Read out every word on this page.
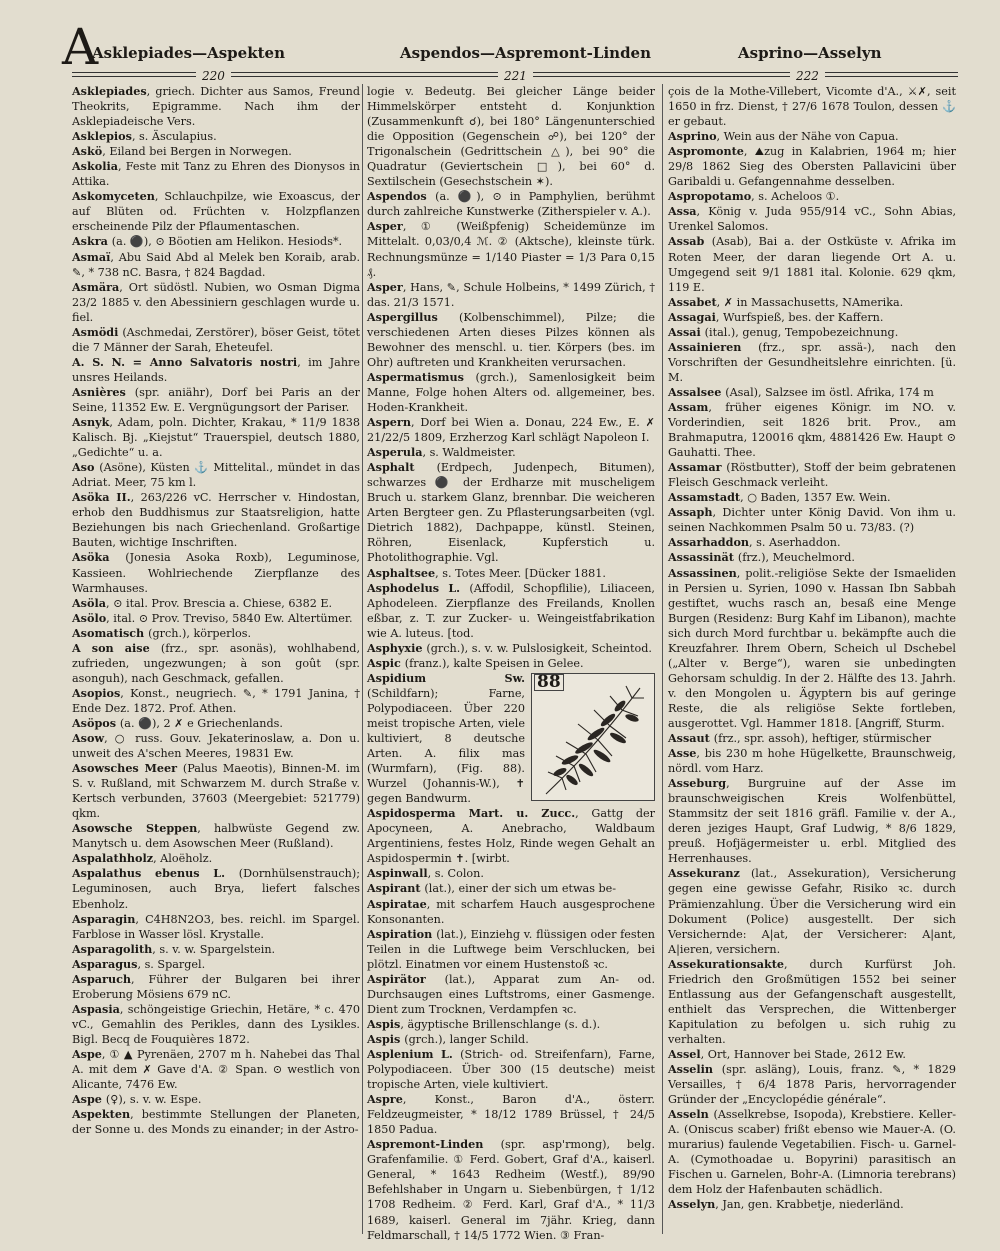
A
Asklepiades—Aspekten	Aspendos—Aspremont-Linden	Asprino—Asselyn
220	221	222

Asklepiades, griech. Dichter aus Samos, Freund Theokrits, Epigramme. Nach ihm der Asklepiadeische Vers.

Asklepios, s. Äsculapius.

Askö, Eiland bei Bergen in Norwegen.

Askolia, Feste mit Tanz zu Ehren des Dionysos in Attika.

Askomyceten, Schlauchpilze, wie Exoascus, der auf Blüten od. Früchten v. Holzpflanzen erscheinende Pilz der Pflaumentaschen.

Askra (a. ⚫), ⊙ Böotien am Helikon. Hesiods*.

Asmaï, Abu Said Abd al Melek ben Koraib, arab. ✎, * 738 nC. Basra, † 824 Bagdad.

Asmära, Ort südöstl. Nubien, wo Osman Digma 23/2 1885 v. den Abessiniern geschlagen wurde u. fiel.

Asmödi (Aschmedai, Zerstörer), böser Geist, tötet die 7 Männer der Sarah, Eheteufel.

A. S. N. = Anno Salvatoris nostri, im Jahre unsres Heilands.

Asnières (spr. aniähr), Dorf bei Paris an der Seine, 11352 Ew. E. Vergnügungsort der Pariser.

Asnyk, Adam, poln. Dichter, Krakau, * 11/9 1838 Kalisch. Bj. „Kiejstut“ Trauerspiel, deutsch 1880, „Gedichte“ u. a.

Aso (Asöne), Küsten ⚓ Mittelital., mündet in das Adriat. Meer, 75 km l.

Asöka II., 263/226 vC. Herrscher v. Hindostan, erhob den Buddhismus zur Staatsreligion, hatte Beziehungen bis nach Griechenland. Großartige Bauten, wichtige Inschriften.

Asöka (Jonesia Asoka Roxb), Leguminose, Kassieen. Wohlriechende Zierpflanze des Warmhauses.

Asöla, ⊙ ital. Prov. Brescia a. Chiese, 6382 E.

Asölo, ital. ⊙ Prov. Treviso, 5840 Ew. Altertümer.

Asomatisch (grch.), körperlos.

A son aise (frz., spr. asonäs), wohlhabend, zufrieden, ungezwungen; à son goût (spr. asonguh), nach Geschmack, gefallen.

Asopios, Konst., neugriech. ✎, * 1791 Janina, † Ende Dez. 1872. Prof. Athen.

Asöpos (a. ⚫), 2 ✗ e Griechenlands.

Asow, ○ russ. Gouv. Jekaterinoslaw, a. Don u. unweit des A'schen Meeres, 19831 Ew.

Asowsches Meer (Palus Maeotis), Binnen-M. im S. v. Rußland, mit Schwarzem M. durch Straße v. Kertsch verbunden, 37603 (Meergebiet: 521779) qkm.

Asowsche Steppen, halbwüste Gegend zw. Manytsch u. dem Asowschen Meer (Rußland).

Aspalathholz, Aloëholz.

Aspalathus ebenus L. (Dornhülsenstrauch); Leguminosen, auch Brya, liefert falsches Ebenholz.

Asparagin, C4H8N2O3, bes. reichl. im Spargel. Farblose in Wasser lösl. Krystalle.

Asparagolith, s. v. w. Spargelstein.

Asparagus, s. Spargel.

Asparuch, Führer der Bulgaren bei ihrer Eroberung Mösiens 679 nC.

Aspasia, schöngeistige Griechin, Hetäre, * c. 470 vC., Gemahlin des Perikles, dann des Lysikles. Bigl. Becq de Fouquières 1872.

Aspe, ① ▲ Pyrenäen, 2707 m h. Nahebei das Thal A. mit dem ✗ Gave d'A. ② Span. ⊙ westlich von Alicante, 7476 Ew.

Aspe (♀), s. v. w. Espe.

Aspekten, bestimmte Stellungen der Planeten, der Sonne u. des Monds zu einander; in der Astro-

logie v. Bedeutg. Bei gleicher Länge beider Himmelskörper entsteht d. Konjunktion (Zusammenkunft ☌), bei 180° Längenunterschied die Opposition (Gegenschein ☍), bei 120° der Trigonalschein (Gedrittschein △), bei 90° die Quadratur (Geviertschein □), bei 60° d. Sextilschein (Gesechstschein ✶).

Aspendos (a. ⚫), ⊙ in Pamphylien, berühmt durch zahlreiche Kunstwerke (Zitherspieler v. A.).

Asper, ① (Weißpfenig) Scheidemünze im Mittelalt. 0,03/0,4 ℳ. ② (Aktsche), kleinste türk. Rechnungsmünze = 1/140 Piaster = 1/3 Para 0,15 ₰.

Asper, Hans, ✎, Schule Holbeins, * 1499 Zürich, † das. 21/3 1571.

Aspergillus (Kolbenschimmel), Pilze; die verschiedenen Arten dieses Pilzes können als Bewohner des menschl. u. tier. Körpers (bes. im Ohr) auftreten und Krankheiten verursachen.

Aspermatismus (grch.), Samenlosigkeit beim Manne, Folge hohen Alters od. allgemeiner, bes. Hoden-Krankheit.

Aspern, Dorf bei Wien a. Donau, 224 Ew., E. ✗ 21/22/5 1809, Erzherzog Karl schlägt Napoleon I.

Asperula, s. Waldmeister.

Asphalt (Erdpech, Judenpech, Bitumen), schwarzes ⚫ der Erdharze mit muscheligem Bruch u. starkem Glanz, brennbar. Die weicheren Arten Bergteer gen. Zu Pflasterungsarbeiten (vgl. Dietrich 1882), Dachpappe, künstl. Steinen, Röhren, Eisenlack, Kupferstich u. Photolithographie. Vgl.

Asphaltsee, s. Totes Meer. [Dücker 1881.

Asphodelus L. (Affodil, Schopflilie), Liliaceen, Aphodeleen. Zierpflanze des Freilands, Knollen eßbar, z. T. zur Zucker- u. Weingeistfabrikation wie A. luteus. [tod.

Asphyxie (grch.), s. v. w. Pulslosigkeit, Scheintod.

Aspic (franz.), kalte Speisen in Gelee.

88

Aspidium Sw. (Schildfarn); Farne, Polypodiaceen. Über 220 meist tropische Arten, viele kultiviert, 8 deutsche Arten. A. filix mas (Wurmfarn), (Fig. 88). Wurzel (Johannis-W.), ✝ gegen Bandwurm.

Aspidosperma Mart. u. Zucc., Gattg der Apocyneen, A. Anebracho, Waldbaum Argentiniens, festes Holz, Rinde wegen Gehalt an Aspidospermin ✝. [wirbt.

Aspinwall, s. Colon.

Aspirant (lat.), einer der sich um etwas be-

Aspiratae, mit scharfem Hauch ausgesprochene Konsonanten.

Aspiration (lat.), Einziehg v. flüssigen oder festen Teilen in die Luftwege beim Verschlucken, bei plötzl. Einatmen vor einem Hustenstoß ꝛc.

Aspirätor (lat.), Apparat zum An- od. Durchsaugen eines Luftstroms, einer Gasmenge. Dient zum Trocknen, Verdampfen ꝛc.

Aspis, ägyptische Brillenschlange (s. d.).

Aspis (grch.), langer Schild.

Asplenium L. (Strich- od. Streifenfarn), Farne, Polypodiaceen. Über 300 (15 deutsche) meist tropische Arten, viele kultiviert.

Aspre, Konst., Baron d'A., österr. Feldzeugmeister, * 18/12 1789 Brüssel, † 24/5 1850 Padua.

Aspremont-Linden (spr. asp'rmong), belg. Grafenfamilie. ① Ferd. Gobert, Graf d'A., kaiserl. General, * 1643 Redheim (Westf.), 89/90 Befehlshaber in Ungarn u. Siebenbürgen, † 1/12 1708 Redheim. ② Ferd. Karl, Graf d'A., * 11/3 1689, kaiserl. General im 7jähr. Krieg, dann Feldmarschall, † 14/5 1772 Wien. ③ Fran-

çois de la Mothe-Villebert, Vicomte d'A., ⚔✗, seit 1650 in frz. Dienst, † 27/6 1678 Toulon, dessen ⚓ er gebaut.

Asprino, Wein aus der Nähe von Capua.

Aspromonte, ⛰zug in Kalabrien, 1964 m; hier 29/8 1862 Sieg des Obersten Pallavicini über Garibaldi u. Gefangennahme desselben.

Aspropotamo, s. Acheloos ①.

Assa, König v. Juda 955/914 vC., Sohn Abias, Urenkel Salomos.

Assab (Asab), Bai a. der Ostküste v. Afrika im Roten Meer, der daran liegende Ort A. u. Umgegend seit 9/1 1881 ital. Kolonie. 629 qkm, 119 E.

Assabet, ✗ in Massachusetts, NAmerika.

Assagai, Wurfspieß, bes. der Kaffern.

Assai (ital.), genug, Tempobezeichnung.

Assainieren (frz., spr. assä-), nach den Vorschriften der Gesundheitslehre einrichten. [ü. M.

Assalsee (Asal), Salzsee im östl. Afrika, 174 m

Assam, früher eigenes Königr. im NO. v. Vorderindien, seit 1826 brit. Prov., am Brahmaputra, 120016 qkm, 4881426 Ew. Haupt ⊙ Gauhatti. Thee.

Assamar (Röstbutter), Stoff der beim gebratenen Fleisch Geschmack verleiht.

Assamstadt, ○ Baden, 1357 Ew. Wein.

Assaph, Dichter unter König David. Von ihm u. seinen Nachkommen Psalm 50 u. 73/83. (?)

Assarhaddon, s. Aserhaddon.

Assassinät (frz.), Meuchelmord.

Assassinen, polit.-religiöse Sekte der Ismaeliden in Persien u. Syrien, 1090 v. Hassan Ibn Sabbah gestiftet, wuchs rasch an, besaß eine Menge Burgen (Residenz: Burg Kahf im Libanon), machte sich durch Mord furchtbar u. bekämpfte auch die Kreuzfahrer. Ihrem Obern, Scheich ul Dschebel („Alter v. Berge“), waren sie unbedingten Gehorsam schuldig. In der 2. Hälfte des 13. Jahrh. v. den Mongolen u. Ägyptern bis auf geringe Reste, die als religiöse Sekte fortleben, ausgerottet. Vgl. Hammer 1818. [Angriff, Sturm.

Assaut (frz., spr. assoh), heftiger, stürmischer

Asse, bis 230 m hohe Hügelkette, Braunschweig, nördl. vom Harz.

Asseburg, Burgruine auf der Asse im braunschweigischen Kreis Wolfenbüttel, Stammsitz der seit 1816 gräfl. Familie v. der A., deren jeziges Haupt, Graf Ludwig, * 8/6 1829, preuß. Hofjägermeister u. erbl. Mitglied des Herrenhauses.

Assekuranz (lat., Assekuration), Versicherung gegen eine gewisse Gefahr, Risiko ꝛc. durch Prämienzahlung. Über die Versicherung wird ein Dokument (Police) ausgestellt. Der sich Versichernde: A|at, der Versicherer: A|ant, A|ieren, versichern.

Assekurationsakte, durch Kurfürst Joh. Friedrich den Großmütigen 1552 bei seiner Entlassung aus der Gefangenschaft ausgestellt, enthielt das Versprechen, die Wittenberger Kapitulation zu befolgen u. sich ruhig zu verhalten.

Assel, Ort, Hannover bei Stade, 2612 Ew.

Asselin (spr. asläng), Louis, franz. ✎, * 1829 Versailles, † 6/4 1878 Paris, hervorragender Gründer der „Encyclopédie générale“.

Asseln (Asselkrebse, Isopoda), Krebstiere. Keller-A. (Oniscus scaber) frißt ebenso wie Mauer-A. (O. murarius) faulende Vegetabilien. Fisch- u. Garnel-A. (Cymothoadae u. Bopyrini) parasitisch an Fischen u. Garnelen, Bohr-A. (Limnoria terebrans) dem Holz der Hafenbauten schädlich.

Asselyn, Jan, gen. Krabbetje, niederländ.
